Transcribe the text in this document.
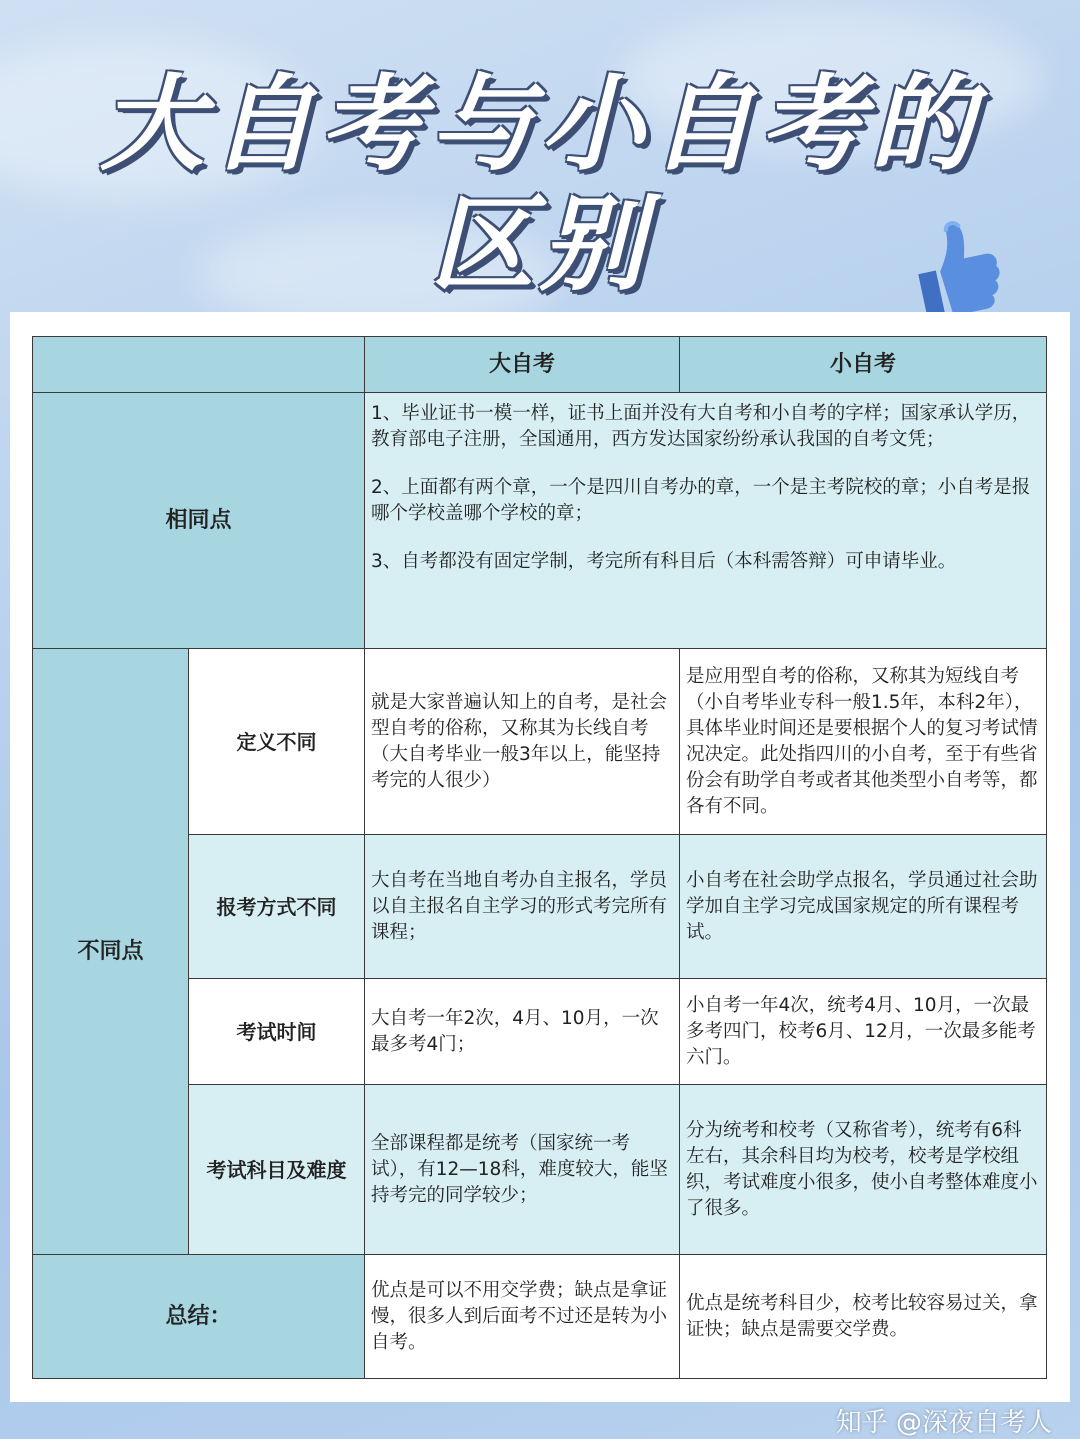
大自考与小自考的
区别
		大自考	小自考
相同点		1、毕业证书一模一样，证书上面并没有大自考和小自考的字样；国家承认学历，教育部电子注册，全国通用，西方发达国家纷纷承认我国的自考文凭；
2、上面都有两个章，一个是四川自考办的章，一个是主考院校的章；小自考是报哪个学校盖哪个学校的章；
3、自考都没有固定学制，考完所有科目后（本科需答辩）可申请毕业。	

不同点	定义不同	就是大家普遍认知上的自考，是社会型自考的俗称，又称其为长线自考（大自考毕业一般3年以上，能坚持考完的人很少）	是应用型自考的俗称，又称其为短线自考（小自考毕业专科一般1.5年，本科2年），具体毕业时间还是要根据个人的复习考试情况决定。此处指四川的小自考，至于有些省份会有助学自考或者其他类型小自考等，都各有不同。
	报考方式不同	大自考在当地自考办自主报名，学员以自主报名自主学习的形式考完所有课程；	小自考在社会助学点报名，学员通过社会助学加自主学习完成国家规定的所有课程考试。
	考试时间	大自考一年2次，4月、10月，一次最多考4门；	小自考一年4次，统考4月、10月，一次最多考四门，校考6月、12月，一次最多能考六门。
	考试科目及难度	全部课程都是统考（国家统一考试），有12—18科，难度较大，能坚持考完的同学较少；	分为统考和校考（又称省考），统考有6科左右，其余科目均为校考，校考是学校组织，考试难度小很多，使小自考整体难度小了很多。
总结：		优点是可以不用交学费；缺点是拿证慢，很多人到后面考不过还是转为小自考。	优点是统考科目少，校考比较容易过关，拿证快；缺点是需要交学费。
知乎 @深夜自考人
